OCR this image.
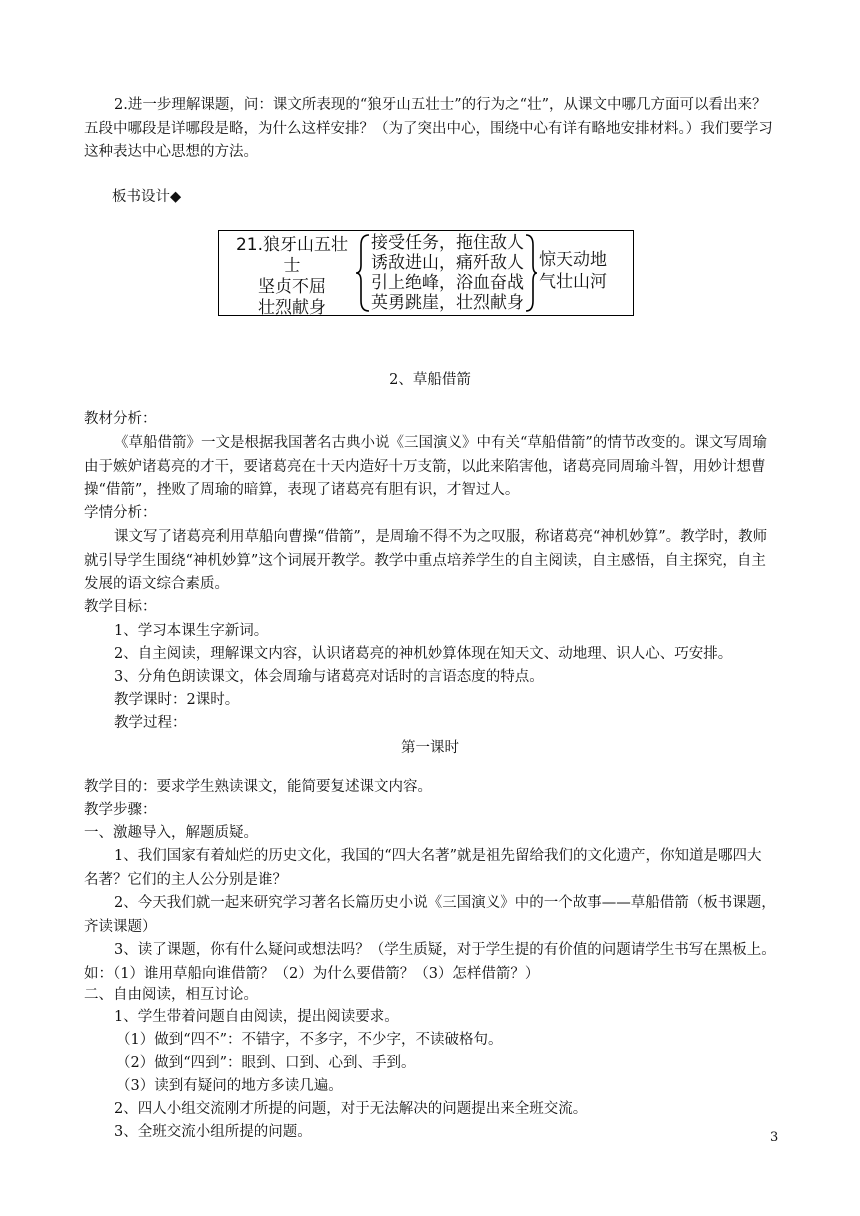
2.进一步理解课题，问：课文所表现的“狼牙山五壮士”的行为之“壮”，从课文中哪几方面可以看出来？五段中哪段是详哪段是略，为什么这样安排？（为了突出中心，围绕中心有详有略地安排材料。）我们要学习这种表达中心思想的方法。

板书设计◆

21.狼牙山五壮士
坚贞不屈
壮烈献身
接受任务，拖住敌人
诱敌进山，痛歼敌人
引上绝峰，浴血奋战
英勇跳崖，壮烈献身
惊天动地
气壮山河

2、草船借箭

教材分析：

《草船借箭》一文是根据我国著名古典小说《三国演义》中有关“草船借箭”的情节改变的。课文写周瑜由于嫉妒诸葛亮的才干，要诸葛亮在十天内造好十万支箭，以此来陷害他，诸葛亮同周瑜斗智，用妙计想曹操“借箭”，挫败了周瑜的暗算，表现了诸葛亮有胆有识，才智过人。

学情分析：

课文写了诸葛亮利用草船向曹操“借箭”，是周瑜不得不为之叹服，称诸葛亮“神机妙算”。教学时，教师就引导学生围绕“神机妙算”这个词展开教学。教学中重点培养学生的自主阅读，自主感悟，自主探究，自主发展的语文综合素质。

教学目标：

1、学习本课生字新词。

2、自主阅读，理解课文内容，认识诸葛亮的神机妙算体现在知天文、动地理、识人心、巧安排。

3、分角色朗读课文，体会周瑜与诸葛亮对话时的言语态度的特点。

教学课时：2课时。

教学过程：

第一课时

教学目的：要求学生熟读课文，能简要复述课文内容。

教学步骤：

一、激趣导入，解题质疑。

1、我们国家有着灿烂的历史文化，我国的“四大名著”就是祖先留给我们的文化遗产，你知道是哪四大名著？它们的主人公分别是谁？

2、今天我们就一起来研究学习著名长篇历史小说《三国演义》中的一个故事——草船借箭（板书课题，齐读课题）

3、读了课题，你有什么疑问或想法吗？（学生质疑，对于学生提的有价值的问题请学生书写在黑板上。如：（1）谁用草船向谁借箭？（2）为什么要借箭？（3）怎样借箭？）

二、自由阅读，相互讨论。

1、学生带着问题自由阅读，提出阅读要求。

（1）做到“四不”：不错字，不多字，不少字，不读破格句。

（2）做到“四到”：眼到、口到、心到、手到。

（3）读到有疑问的地方多读几遍。

2、四人小组交流刚才所提的问题，对于无法解决的问题提出来全班交流。

3、全班交流小组所提的问题。	3
